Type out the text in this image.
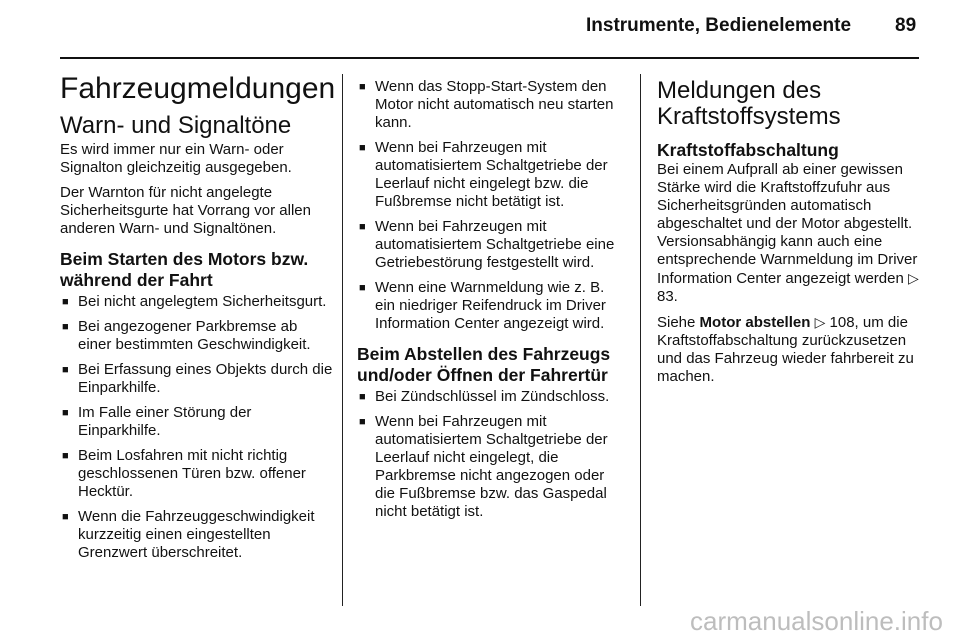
Instrumente, Bedienelemente 89
Fahrzeugmeldungen
Warn- und Signaltöne

Es wird immer nur ein Warn- oder Signalton gleichzeitig ausgegeben.

Der Warnton für nicht angelegte Sicherheitsgurte hat Vorrang vor allen anderen Warn- und Signaltönen.

Beim Starten des Motors bzw. während der Fahrt
■ Bei nicht angelegtem Sicherheitsgurt.
■ Bei angezogener Parkbremse ab einer bestimmten Geschwindigkeit.
■ Bei Erfassung eines Objekts durch die Einparkhilfe.
■ Im Falle einer Störung der Einparkhilfe.
■ Beim Losfahren mit nicht richtig geschlossenen Türen bzw. offener Hecktür.
■ Wenn die Fahrzeuggeschwindigkeit kurzzeitig einen eingestellten Grenzwert überschreitet.
■ Wenn das Stopp-Start-System den Motor nicht automatisch neu starten kann.
■ Wenn bei Fahrzeugen mit automatisiertem Schaltgetriebe der Leerlauf nicht eingelegt bzw. die Fußbremse nicht betätigt ist.
■ Wenn bei Fahrzeugen mit automatisiertem Schaltgetriebe eine Getriebestörung festgestellt wird.
■ Wenn eine Warnmeldung wie z. B. ein niedriger Reifendruck im Driver Information Center angezeigt wird.
Beim Abstellen des Fahrzeugs und/oder Öffnen der Fahrertür
■ Bei Zündschlüssel im Zündschloss.
■ Wenn bei Fahrzeugen mit automatisiertem Schaltgetriebe der Leerlauf nicht eingelegt, die Parkbremse nicht angezogen oder die Fußbremse bzw. das Gaspedal nicht betätigt ist.
Meldungen des Kraftstoffsystems
Kraftstoffabschaltung

Bei einem Aufprall ab einer gewissen Stärke wird die Kraftstoffzufuhr aus Sicherheitsgründen automatisch abgeschaltet und der Motor abgestellt. Versionsabhängig kann auch eine entsprechende Warnmeldung im Driver Information Center angezeigt werden ▷ 83.

Siehe Motor abstellen ▷ 108, um die Kraftstoffabschaltung zurückzusetzen und das Fahrzeug wieder fahrbereit zu machen.

carmanualsonline.info
